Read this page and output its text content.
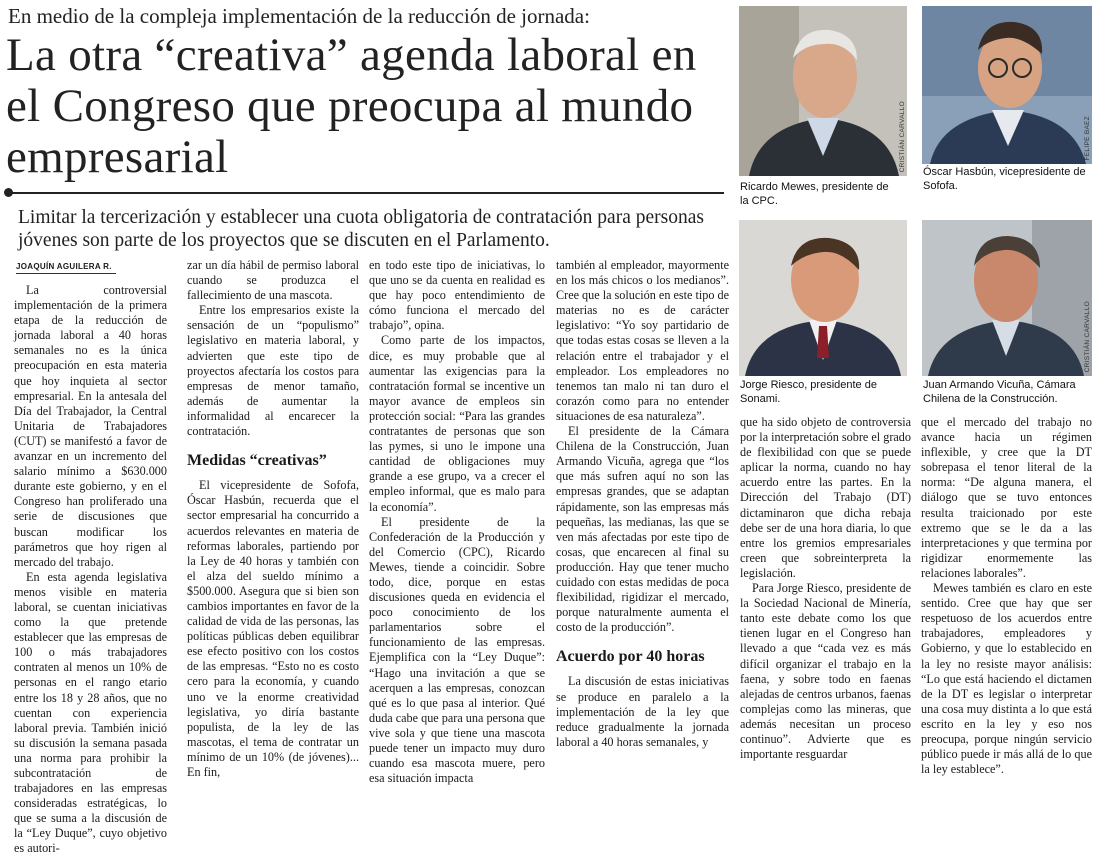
En medio de la compleja implementación de la reducción de jornada:
La otra “creativa” agenda laboral en el Congreso que preocupa al mundo empresarial
Limitar la tercerización y establecer una cuota obligatoria de contratación para personas jóvenes son parte de los proyectos que se discuten en el Parlamento.
JOAQUÍN AGUILERA R.
CRISTIÁN CARVALLO
Ricardo Mewes, presidente de la CPC.
FELIPE BAEZ
Óscar Hasbún, vicepresidente de Sofofa.
Jorge Riesco, presidente de Sonami.
CRISTIÁN CARVALLO
Juan Armando Vicuña, Cámara Chilena de la Construcción.

La controversial implementación de la primera etapa de la reducción de jornada laboral a 40 horas semanales no es la única preocupación en esta materia que hoy inquieta al sector empresarial. En la antesala del Día del Trabajador, la Central Unitaria de Trabajadores (CUT) se manifestó a favor de avanzar en un incremento del salario mínimo a $630.000 durante este gobierno, y en el Congreso han proliferado una serie de discusiones que buscan modificar los parámetros que hoy rigen al mercado del trabajo.

En esta agenda legislativa menos visible en materia laboral, se cuentan iniciativas como la que pretende establecer que las empresas de 100 o más trabajadores contraten al menos un 10% de personas en el rango etario entre los 18 y 28 años, que no cuentan con experiencia laboral previa. También inició su discusión la semana pasada una norma para prohibir la subcontratación de trabajadores en las empresas consideradas estratégicas, lo que se suma a la discusión de la “Ley Duque”, cuyo objetivo es autori-

zar un día hábil de permiso laboral cuando se produzca el fallecimiento de una mascota.

Entre los empresarios existe la sensación de un “populismo” legislativo en materia laboral, y advierten que este tipo de proyectos afectaría los costos para empresas de menor tamaño, además de aumentar la informalidad al encarecer la contratación.

Medidas “creativas”

El vicepresidente de Sofofa, Óscar Hasbún, recuerda que el sector empresarial ha concurrido a acuerdos relevantes en materia de reformas laborales, partiendo por la Ley de 40 horas y también con el alza del sueldo mínimo a $500.000. Asegura que si bien son cambios importantes en favor de la calidad de vida de las personas, las políticas públicas deben equilibrar ese efecto positivo con los costos de las empresas. “Esto no es costo cero para la economía, y cuando uno ve la enorme creatividad legislativa, yo diría bastante populista, de la ley de las mascotas, el tema de contratar un mínimo de un 10% (de jóvenes)... En fin,

en todo este tipo de iniciativas, lo que uno se da cuenta en realidad es que hay poco entendimiento de cómo funciona el mercado del trabajo”, opina.

Como parte de los impactos, dice, es muy probable que al aumentar las exigencias para la contratación formal se incentive un mayor avance de empleos sin protección social: “Para las grandes contratantes de personas que son las pymes, si uno le impone una cantidad de obligaciones muy grande a ese grupo, va a crecer el empleo informal, que es malo para la economía”.

El presidente de la Confederación de la Producción y del Comercio (CPC), Ricardo Mewes, tiende a coincidir. Sobre todo, dice, porque en estas discusiones queda en evidencia el poco conocimiento de los parlamentarios sobre el funcionamiento de las empresas. Ejemplifica con la “Ley Duque”: “Hago una invitación a que se acerquen a las empresas, conozcan qué es lo que pasa al interior. Qué duda cabe que para una persona que vive sola y que tiene una mascota puede tener un impacto muy duro cuando esa mascota muere, pero esa situación impacta

también al empleador, mayormente en los más chicos o los medianos”. Cree que la solución en este tipo de materias no es de carácter legislativo: “Yo soy partidario de que todas estas cosas se lleven a la relación entre el trabajador y el empleador. Los empleadores no tenemos tan malo ni tan duro el corazón como para no entender situaciones de esa naturaleza”.

El presidente de la Cámara Chilena de la Construcción, Juan Armando Vicuña, agrega que “los que más sufren aquí no son las empresas grandes, que se adaptan rápidamente, son las empresas más pequeñas, las medianas, las que se ven más afectadas por este tipo de cosas, que encarecen al final su producción. Hay que tener mucho cuidado con estas medidas de poca flexibilidad, rigidizar el mercado, porque naturalmente aumenta el costo de la producción”.

Acuerdo por 40 horas

La discusión de estas iniciativas se produce en paralelo a la implementación de la ley que reduce gradualmente la jornada laboral a 40 horas semanales, y

que ha sido objeto de controversia por la interpretación sobre el grado de flexibilidad con que se puede aplicar la norma, cuando no hay acuerdo entre las partes. En la Dirección del Trabajo (DT) dictaminaron que dicha rebaja debe ser de una hora diaria, lo que entre los gremios empresariales creen que sobreinterpreta la legislación.

Para Jorge Riesco, presidente de la Sociedad Nacional de Minería, tanto este debate como los que tienen lugar en el Congreso han llevado a que “cada vez es más difícil organizar el trabajo en la faena, y sobre todo en faenas alejadas de centros urbanos, faenas complejas como las mineras, que además necesitan un proceso continuo”. Advierte que es importante resguardar

que el mercado del trabajo no avance hacia un régimen inflexible, y cree que la DT sobrepasa el tenor literal de la norma: “De alguna manera, el diálogo que se tuvo entonces resulta traicionado por este extremo que se le da a las interpretaciones y que termina por rigidizar enormemente las relaciones laborales”.

Mewes también es claro en este sentido. Cree que hay que ser respetuoso de los acuerdos entre trabajadores, empleadores y Gobierno, y que lo establecido en la ley no resiste mayor análisis: “Lo que está haciendo el dictamen de la DT es legislar o interpretar una cosa muy distinta a lo que está escrito en la ley y eso nos preocupa, porque ningún servicio público puede ir más allá de lo que la ley establece”.
